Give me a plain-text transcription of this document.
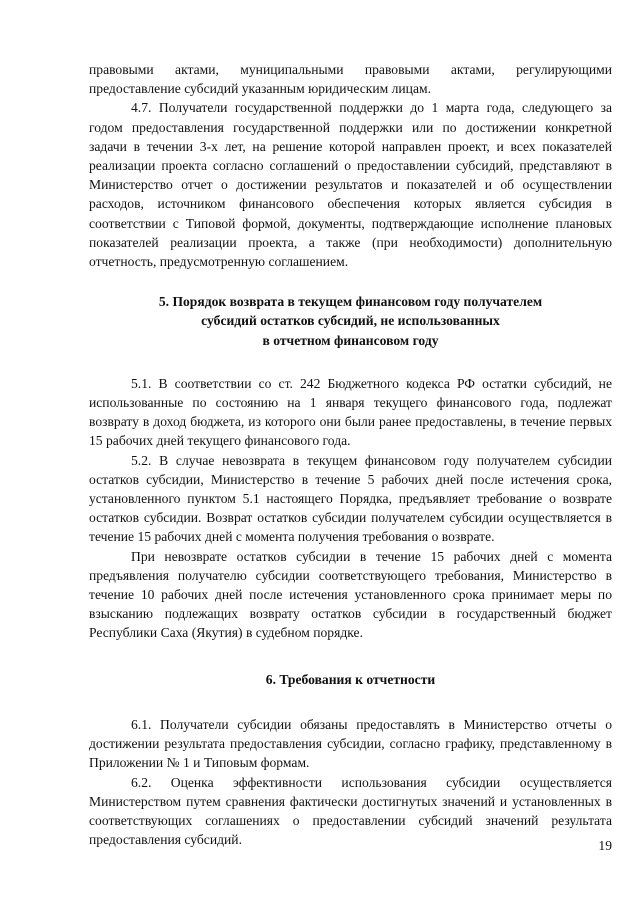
правовыми актами, муниципальными правовыми актами, регулирующими предоставление субсидий указанным юридическим лицам.

4.7. Получатели государственной поддержки до 1 марта года, следующего за годом предоставления государственной поддержки или по достижении конкретной задачи в течении 3-х лет, на решение которой направлен проект, и всех показателей реализации проекта согласно соглашений о предоставлении субсидий, представляют в Министерство отчет о достижении результатов и показателей и об осуществлении расходов, источником финансового обеспечения которых является субсидия в соответствии с Типовой формой, документы, подтверждающие исполнение плановых показателей реализации проекта, а также (при необходимости) дополнительную отчетность, предусмотренную соглашением.

5. Порядок возврата в текущем финансовом году получателем
субсидий остатков субсидий, не использованных
в отчетном финансовом году

5.1. В соответствии со ст. 242 Бюджетного кодекса РФ остатки субсидий, не использованные по состоянию на 1 января текущего финансового года, подлежат возврату в доход бюджета, из которого они были ранее предоставлены, в течение первых 15 рабочих дней текущего финансового года.

5.2. В случае невозврата в текущем финансовом году получателем субсидии остатков субсидии, Министерство в течение 5 рабочих дней после истечения срока, установленного пунктом 5.1 настоящего Порядка, предъявляет требование о возврате остатков субсидии. Возврат остатков субсидии получателем субсидии осуществляется в течение 15 рабочих дней с момента получения требования о возврате.

При невозврате остатков субсидии в течение 15 рабочих дней с момента предъявления получателю субсидии соответствующего требования, Министерство в течение 10 рабочих дней после истечения установленного срока принимает меры по взысканию подлежащих возврату остатков субсидии в государственный бюджет Республики Саха (Якутия) в судебном порядке.

6. Требования к отчетности

6.1. Получатели субсидии обязаны предоставлять в Министерство отчеты о достижении результата предоставления субсидии, согласно графику, представленному в Приложении № 1 и Типовым формам.

6.2. Оценка эффективности использования субсидии осуществляется Министерством путем сравнения фактически достигнутых значений и установленных в соответствующих соглашениях о предоставлении субсидий значений результата предоставления субсидий.	19
